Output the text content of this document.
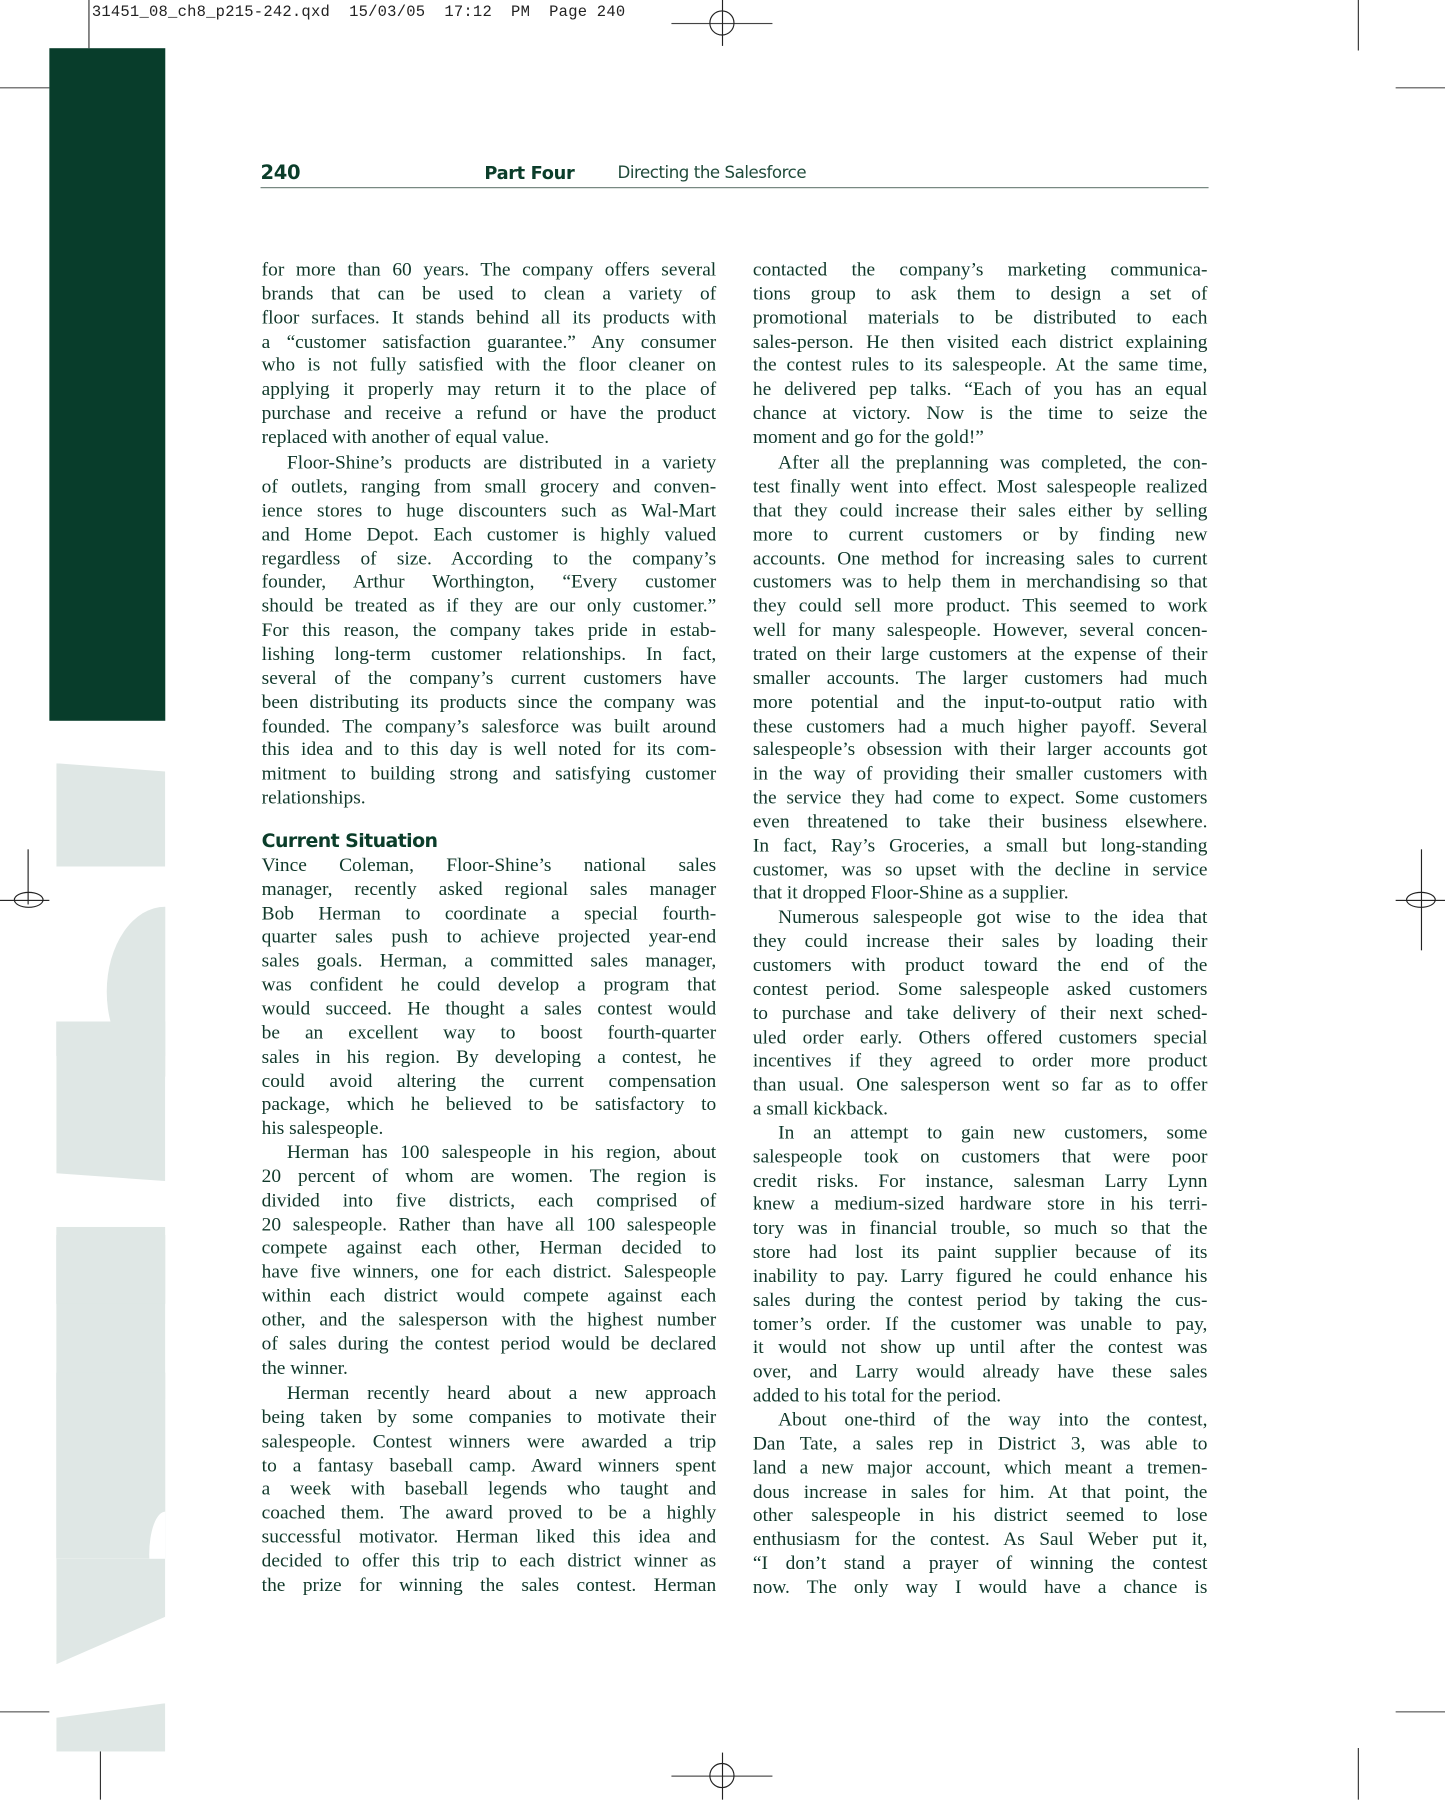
31451_08_ch8_p215-242.qxd  15/03/05  17:12  PM  Page 240
240	Part Four	Directing the Salesforce
for more than 60 years. The company offers several
brands that can be used to clean a variety of
floor surfaces. It stands behind all its products with
a “customer satisfaction guarantee.” Any consumer
who is not fully satisfied with the floor cleaner on
applying it properly may return it to the place of
purchase and receive a refund or have the product
replaced with another of equal value.
Floor-Shine’s products are distributed in a variety
of outlets, ranging from small grocery and conven-
ience stores to huge discounters such as Wal-Mart
and Home Depot. Each customer is highly valued
regardless of size. According to the company’s
founder, Arthur Worthington, “Every customer
should be treated as if they are our only customer.”
For this reason, the company takes pride in estab-
lishing long-term customer relationships. In fact,
several of the company’s current customers have
been distributing its products since the company was
founded. The company’s salesforce was built around
this idea and to this day is well noted for its com-
mitment to building strong and satisfying customer
relationships.
Current Situation
Vince Coleman, Floor-Shine’s national sales
manager, recently asked regional sales manager
Bob Herman to coordinate a special fourth-
quarter sales push to achieve projected year-end
sales goals. Herman, a committed sales manager,
was confident he could develop a program that
would succeed. He thought a sales contest would
be an excellent way to boost fourth-quarter
sales in his region. By developing a contest, he
could avoid altering the current compensation
package, which he believed to be satisfactory to
his salespeople.
Herman has 100 salespeople in his region, about
20 percent of whom are women. The region is
divided into five districts, each comprised of
20 salespeople. Rather than have all 100 salespeople
compete against each other, Herman decided to
have five winners, one for each district. Salespeople
within each district would compete against each
other, and the salesperson with the highest number
of sales during the contest period would be declared
the winner.
Herman recently heard about a new approach
being taken by some companies to motivate their
salespeople. Contest winners were awarded a trip
to a fantasy baseball camp. Award winners spent
a week with baseball legends who taught and
coached them. The award proved to be a highly
successful motivator. Herman liked this idea and
decided to offer this trip to each district winner as
the prize for winning the sales contest. Herman
contacted the company’s marketing communica-
tions group to ask them to design a set of
promotional materials to be distributed to each
sales-person. He then visited each district explaining
the contest rules to its salespeople. At the same time,
he delivered pep talks. “Each of you has an equal
chance at victory. Now is the time to seize the
moment and go for the gold!”
After all the preplanning was completed, the con-
test finally went into effect. Most salespeople realized
that they could increase their sales either by selling
more to current customers or by finding new
accounts. One method for increasing sales to current
customers was to help them in merchandising so that
they could sell more product. This seemed to work
well for many salespeople. However, several concen-
trated on their large customers at the expense of their
smaller accounts. The larger customers had much
more potential and the input-to-output ratio with
these customers had a much higher payoff. Several
salespeople’s obsession with their larger accounts got
in the way of providing their smaller customers with
the service they had come to expect. Some customers
even threatened to take their business elsewhere.
In fact, Ray’s Groceries, a small but long-standing
customer, was so upset with the decline in service
that it dropped Floor-Shine as a supplier.
Numerous salespeople got wise to the idea that
they could increase their sales by loading their
customers with product toward the end of the
contest period. Some salespeople asked customers
to purchase and take delivery of their next sched-
uled order early. Others offered customers special
incentives if they agreed to order more product
than usual. One salesperson went so far as to offer
a small kickback.
In an attempt to gain new customers, some
salespeople took on customers that were poor
credit risks. For instance, salesman Larry Lynn
knew a medium-sized hardware store in his terri-
tory was in financial trouble, so much so that the
store had lost its paint supplier because of its
inability to pay. Larry figured he could enhance his
sales during the contest period by taking the cus-
tomer’s order. If the customer was unable to pay,
it would not show up until after the contest was
over, and Larry would already have these sales
added to his total for the period.
About one-third of the way into the contest,
Dan Tate, a sales rep in District 3, was able to
land a new major account, which meant a tremen-
dous increase in sales for him. At that point, the
other salespeople in his district seemed to lose
enthusiasm for the contest. As Saul Weber put it,
“I don’t stand a prayer of winning the contest
now. The only way I would have a chance is
